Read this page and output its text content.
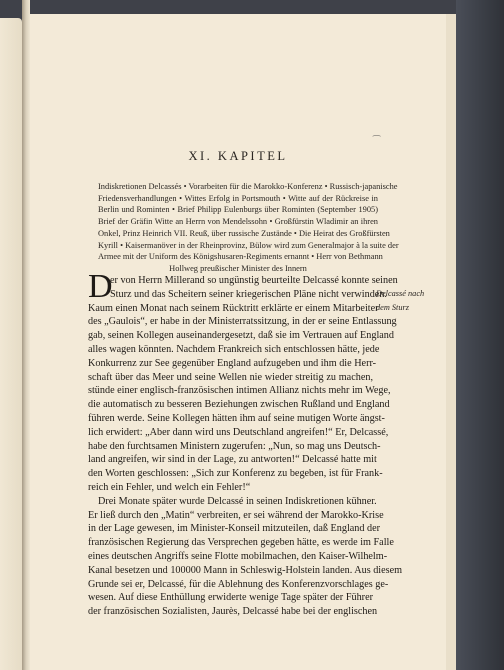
⁔
XI. KAPITEL
Indiskretionen Delcassés • Vorarbeiten für die Marokko-Konferenz • Russisch-japanische
Friedensverhandlungen • Wittes Erfolg in Portsmouth • Witte auf der Rückreise in
Berlin und Rominten • Brief Philipp Eulenburgs über Rominten (September 1905)
Brief der Gräfin Witte an Herrn von Mendelssohn • Großfürstin Wladimir an ihren
Onkel, Prinz Heinrich VII. Reuß, über russische Zustände • Die Heirat des Großfürsten
Kyrill • Kaisermanöver in der Rheinprovinz, Bülow wird zum Generalmajor à la suite der
Armee mit der Uniform des Königshusaren-Regiments ernannt • Herr von Bethmann
Hollweg preußischer Minister des Innern
D
er von Herrn Millerand so ungünstig beurteilte Delcassé konnte seinen
Sturz und das Scheitern seiner kriegerischen Pläne nicht verwinden.
Kaum einen Monat nach seinem Rücktritt erklärte er einem Mitarbeiter
des „Gaulois“, er habe in der Ministerratssitzung, in der er seine Entlassung
gab, seinen Kollegen auseinandergesetzt, daß sie im Vertrauen auf England
alles wagen könnten. Nachdem Frankreich sich entschlossen hätte, jede
Konkurrenz zur See gegenüber England aufzugeben und ihm die Herr-
schaft über das Meer und seine Wellen nie wieder streitig zu machen,
stünde einer englisch-französischen intimen Allianz nichts mehr im Wege,
die automatisch zu besseren Beziehungen zwischen Rußland und England
führen werde. Seine Kollegen hätten ihm auf seine mutigen Worte ängst-
lich erwidert: „Aber dann wird uns Deutschland angreifen!“ Er, Delcassé,
habe den furchtsamen Ministern zugerufen: „Nun, so mag uns Deutsch-
land angreifen, wir sind in der Lage, zu antworten!“ Delcassé hatte mit
den Worten geschlossen: „Sich zur Konferenz zu begeben, ist für Frank-
reich ein Fehler, und welch ein Fehler!“
Drei Monate später wurde Delcassé in seinen Indiskretionen kühner.
Er ließ durch den „Matin“ verbreiten, er sei während der Marokko-Krise
in der Lage gewesen, im Minister-Konseil mitzuteilen, daß England der
französischen Regierung das Versprechen gegeben hätte, es werde im Falle
eines deutschen Angriffs seine Flotte mobilmachen, den Kaiser-Wilhelm-
Kanal besetzen und 100000 Mann in Schleswig-Holstein landen. Aus diesem
Grunde sei er, Delcassé, für die Ablehnung des Konferenzvorschlages ge-
wesen. Auf diese Enthüllung erwiderte wenige Tage später der Führer
der französischen Sozialisten, Jaurès, Delcassé habe bei der englischen
Delcassé nach
dem Sturz
